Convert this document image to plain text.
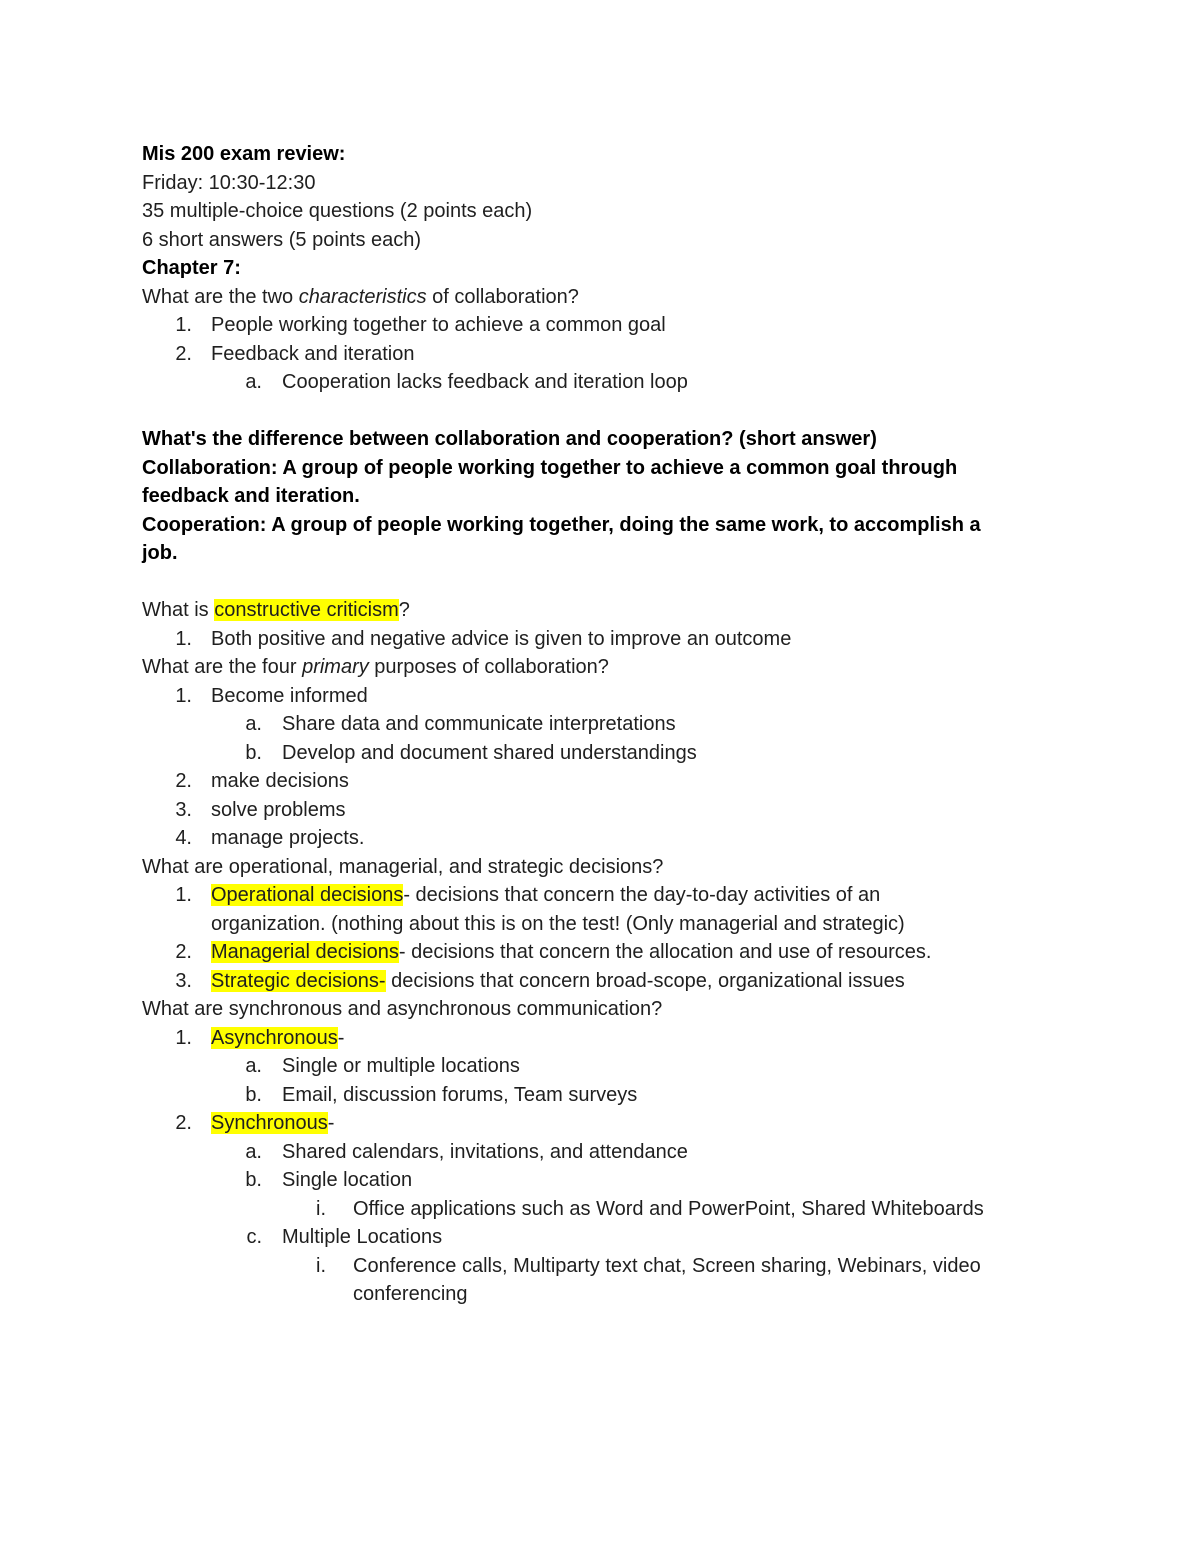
Mis 200 exam review:
Friday: 10:30-12:30
35 multiple-choice questions (2 points each)
6 short answers (5 points each)
Chapter 7:
What are the two characteristics of collaboration?
1. People working together to achieve a common goal
2. Feedback and iteration
a. Cooperation lacks feedback and iteration loop
What's the difference between collaboration and cooperation? (short answer)
Collaboration: A group of people working together to achieve a common goal through
feedback and iteration.
Cooperation: A group of people working together, doing the same work, to accomplish a
job.
What is constructive criticism?
1. Both positive and negative advice is given to improve an outcome
What are the four primary purposes of collaboration?
1. Become informed
a. Share data and communicate interpretations
b. Develop and document shared understandings
2. make decisions
3. solve problems
4. manage projects.
What are operational, managerial, and strategic decisions?
1. Operational decisions- decisions that concern the day-to-day activities of an
organization. (nothing about this is on the test! (Only managerial and strategic)
2. Managerial decisions- decisions that concern the allocation and use of resources.
3. Strategic decisions- decisions that concern broad-scope, organizational issues
What are synchronous and asynchronous communication?
1. Asynchronous-
a. Single or multiple locations
b. Email, discussion forums, Team surveys
2. Synchronous-
a. Shared calendars, invitations, and attendance
b. Single location
i. Office applications such as Word and PowerPoint, Shared Whiteboards
c. Multiple Locations
i. Conference calls, Multiparty text chat, Screen sharing, Webinars, video
conferencing
